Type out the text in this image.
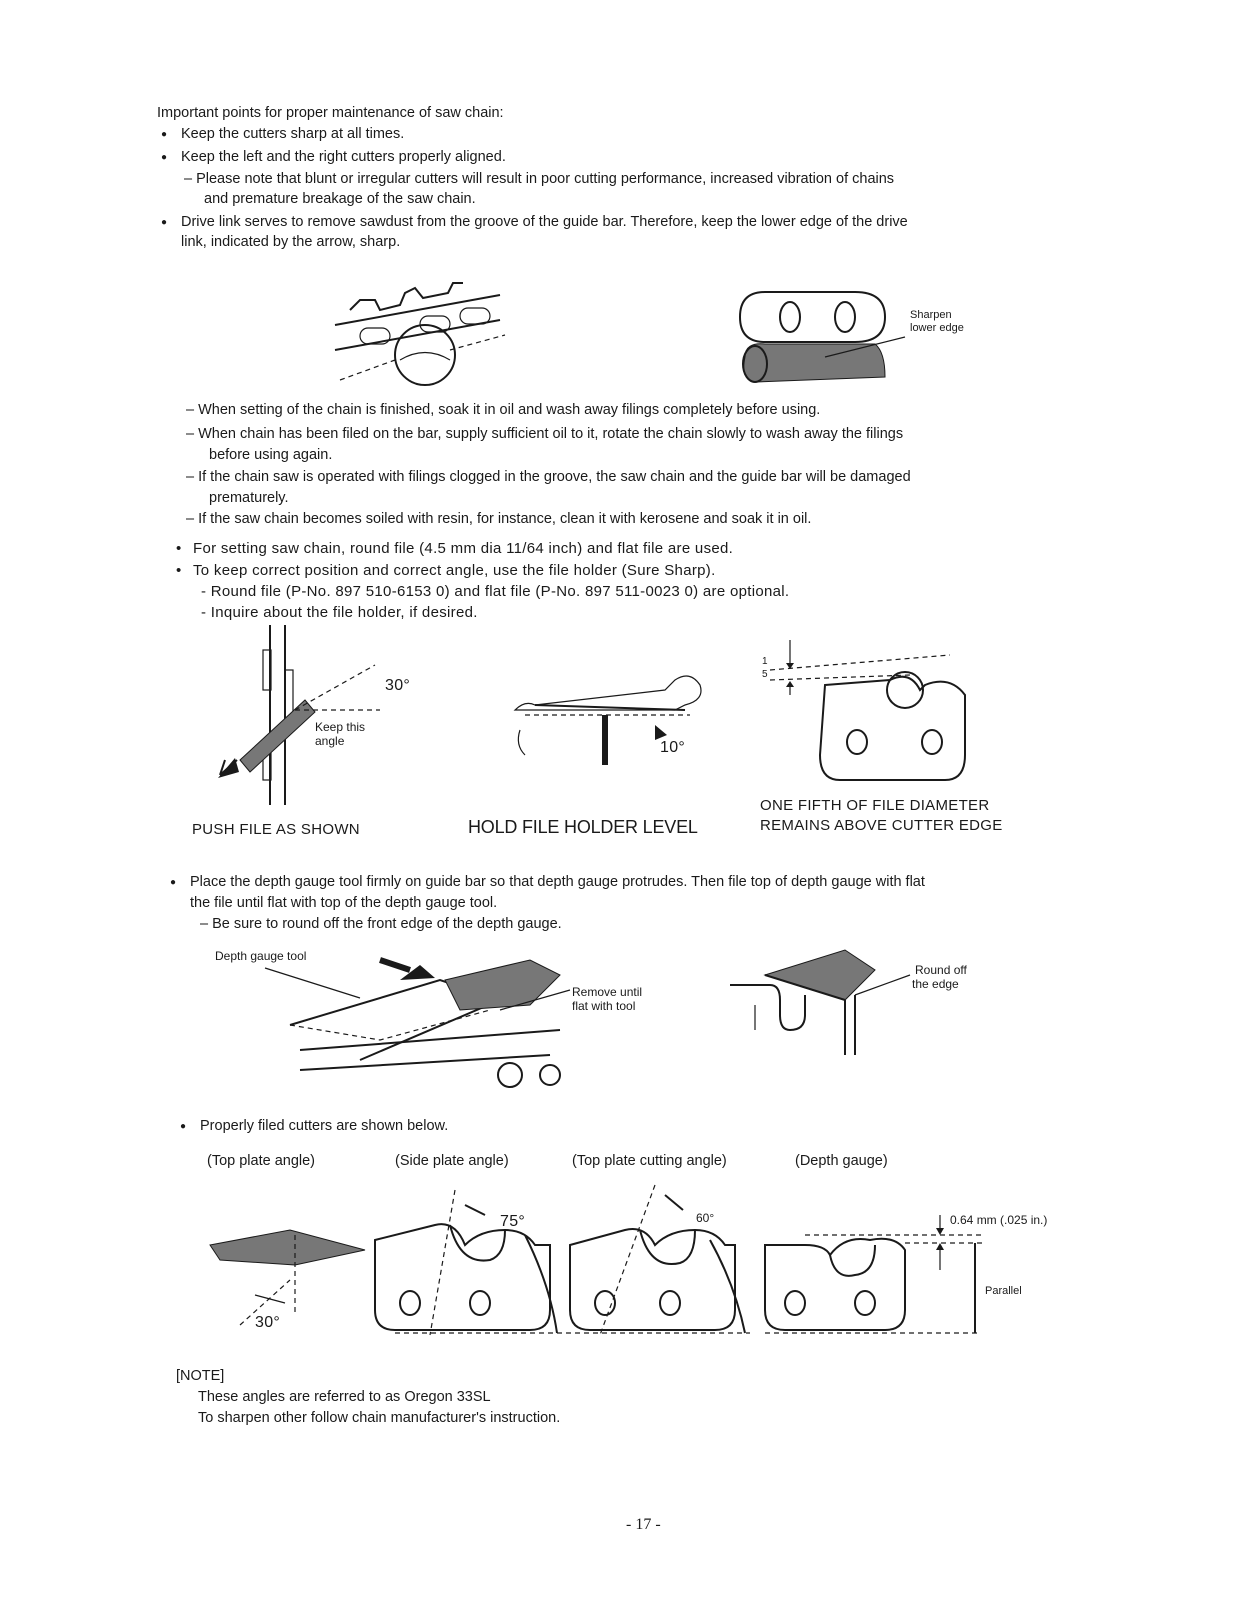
Important points for proper maintenance of saw chain:
● Keep the cutters sharp at all times.
● Keep the left and the right cutters properly aligned.
– Please note that blunt or irregular cutters will result in poor cutting performance, increased vibration of chains
and premature breakage of the saw chain.
● Drive link serves to remove sawdust from the groove of the guide bar. Therefore, keep the lower edge of the drive
link, indicated by the arrow, sharp.
Sharpen
lower edge
– When setting of the chain is finished, soak it in oil and wash away filings completely before using.
– When chain has been filed on the bar, supply sufficient oil to it, rotate the chain slowly to wash away the filings
before using again.
– If the chain saw is operated with filings clogged in the groove, the saw chain and the guide bar will be damaged
prematurely.
– If the saw chain becomes soiled with resin, for instance, clean it with kerosene and soak it in oil.
• For setting saw chain, round file (4.5 mm dia 11/64 inch) and flat file are used.
• To keep correct position and correct angle, use the file holder (Sure Sharp).
- Round file (P-No. 897 510-6153 0) and flat file (P-No. 897 511-0023 0) are optional.
- Inquire about the file holder, if desired.
30°
Keep this
angle
PUSH FILE AS SHOWN
10°
HOLD FILE HOLDER LEVEL
1
5
ONE FIFTH OF FILE DIAMETER
REMAINS ABOVE CUTTER EDGE
● Place the depth gauge tool firmly on guide bar so that depth gauge protrudes. Then file top of depth gauge with flat
the file until flat with top of the depth gauge tool.
– Be sure to round off the front edge of the depth gauge.
Depth gauge tool
Remove until
flat with tool
Round off
the edge
● Properly filed cutters are shown below.
(Top plate angle)	(Side plate angle)	(Top plate cutting angle)	(Depth gauge)
30°
75°	60°	0.64 mm (.025 in.)
Parallel
[NOTE]
These angles are referred to as Oregon 33SL
To sharpen other follow chain manufacturer's instruction.
- 17 -
